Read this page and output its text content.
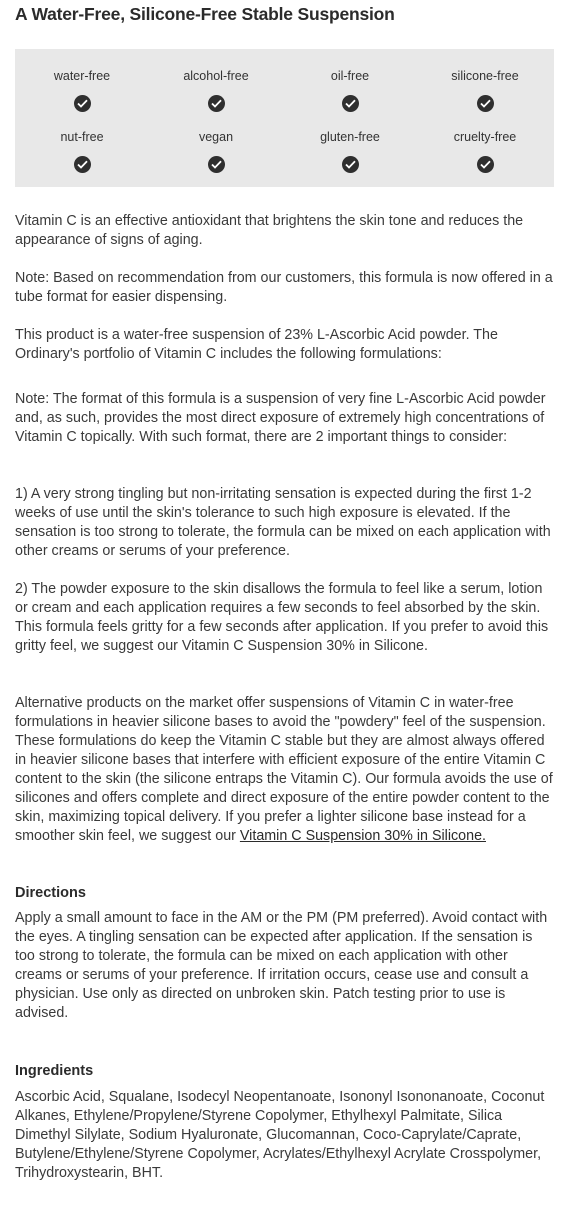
A Water-Free, Silicone-Free Stable Suspension
water-free	alcohol-free	oil-free	silicone-free
nut-free	vegan	gluten-free	cruelty-free

Vitamin C is an effective antioxidant that brightens the skin tone and reduces the appearance of signs of aging.

Note: Based on recommendation from our customers, this formula is now offered in a tube format for easier dispensing.

This product is a water-free suspension of 23% L-Ascorbic Acid powder. The Ordinary's portfolio of Vitamin C includes the following formulations:

Note: The format of this formula is a suspension of very fine L-Ascorbic Acid powder and, as such, provides the most direct exposure of extremely high concentrations of Vitamin C topically. With such format, there are 2 important things to consider:

1) A very strong tingling but non-irritating sensation is expected during the first 1-2 weeks of use until the skin's tolerance to such high exposure is elevated. If the sensation is too strong to tolerate, the formula can be mixed on each application with other creams or serums of your preference.

2) The powder exposure to the skin disallows the formula to feel like a serum, lotion or cream and each application requires a few seconds to feel absorbed by the skin. This formula feels gritty for a few seconds after application. If you prefer to avoid this gritty feel, we suggest our Vitamin C Suspension 30% in Silicone.

Alternative products on the market offer suspensions of Vitamin C in water-free formulations in heavier silicone bases to avoid the "powdery" feel of the suspension. These formulations do keep the Vitamin C stable but they are almost always offered in heavier silicone bases that interfere with efficient exposure of the entire Vitamin C content to the skin (the silicone entraps the Vitamin C). Our formula avoids the use of silicones and offers complete and direct exposure of the entire powder content to the skin, maximizing topical delivery. If you prefer a lighter silicone base instead for a smoother skin feel, we suggest our Vitamin C Suspension 30% in Silicone.

Directions

Apply a small amount to face in the AM or the PM (PM preferred). Avoid contact with the eyes. A tingling sensation can be expected after application. If the sensation is too strong to tolerate, the formula can be mixed on each application with other creams or serums of your preference. If irritation occurs, cease use and consult a physician. Use only as directed on unbroken skin. Patch testing prior to use is advised.

Ingredients

Ascorbic Acid, Squalane, Isodecyl Neopentanoate, Isononyl Isononanoate, Coconut Alkanes, Ethylene/Propylene/Styrene Copolymer, Ethylhexyl Palmitate, Silica Dimethyl Silylate, Sodium Hyaluronate, Glucomannan, Coco-Caprylate/Caprate, Butylene/Ethylene/Styrene Copolymer, Acrylates/Ethylhexyl Acrylate Crosspolymer, Trihydroxystearin, BHT.
